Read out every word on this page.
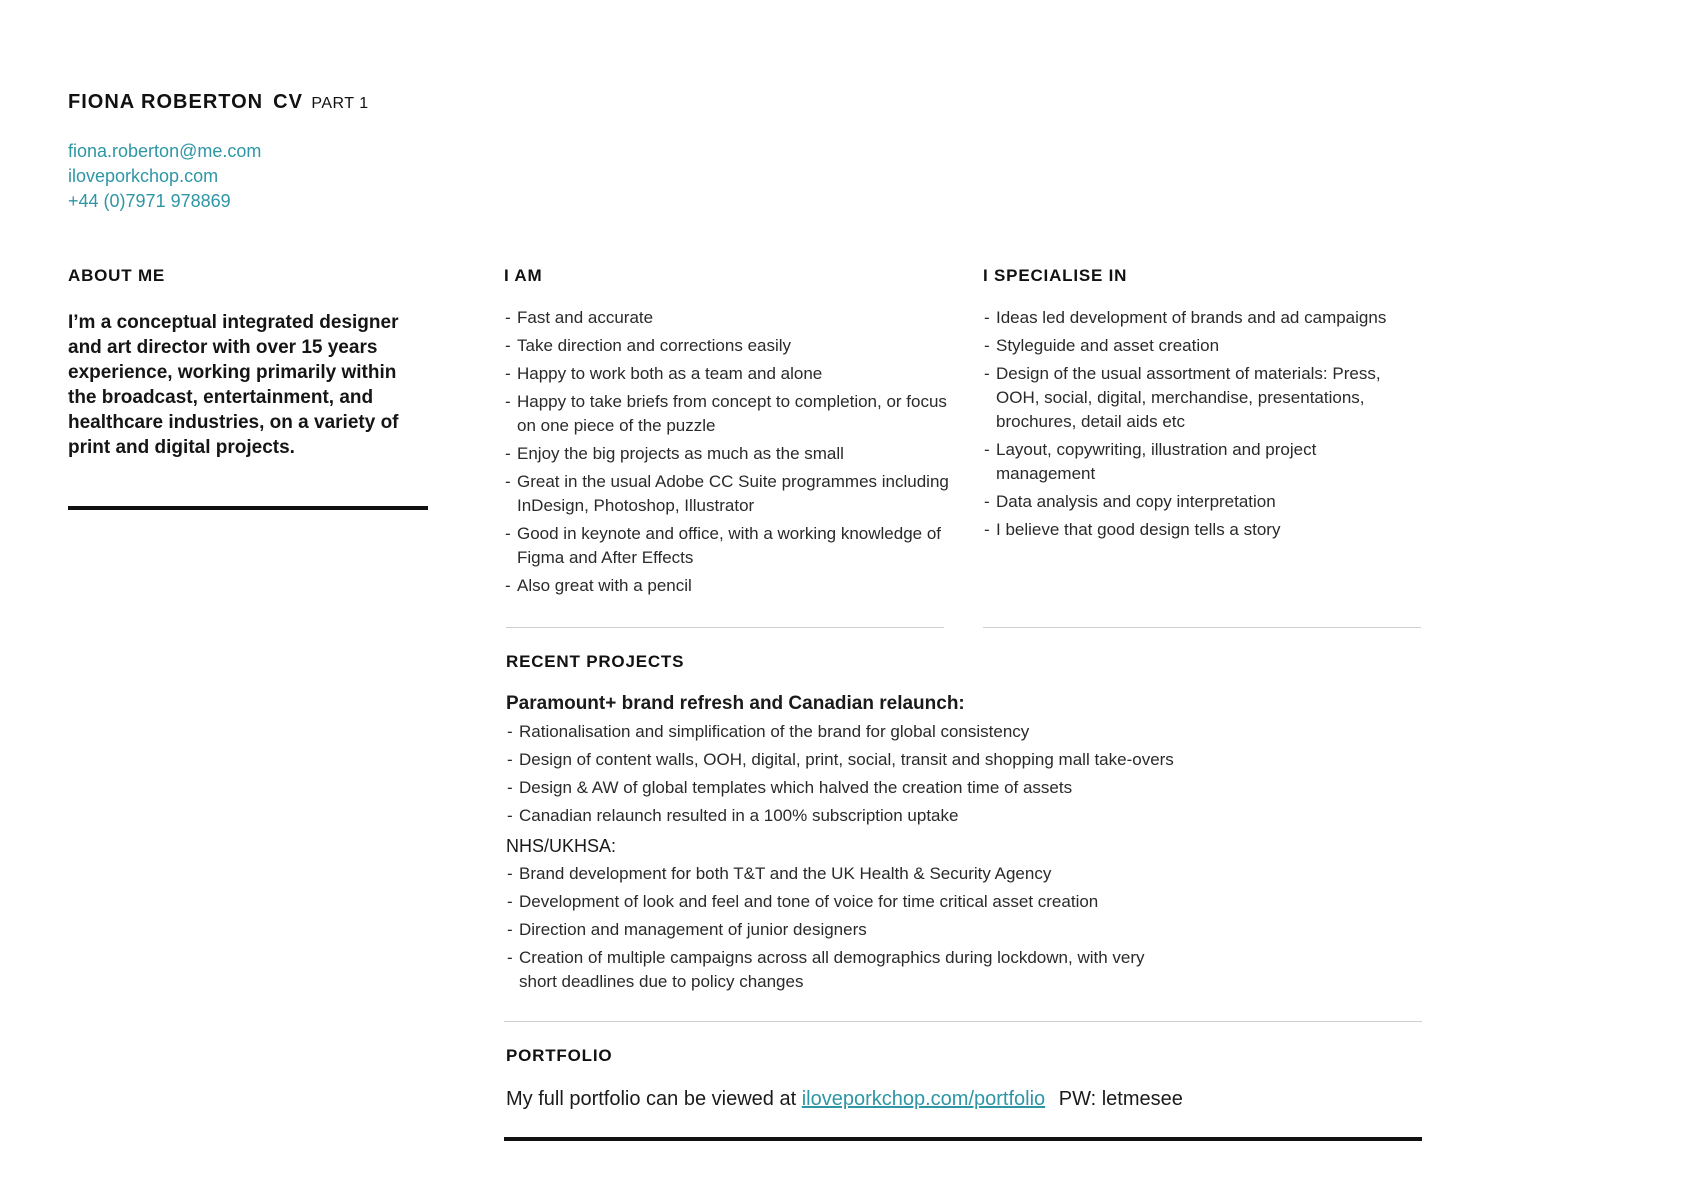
FIONA ROBERTON CV PART 1
fiona.roberton@me.com
iloveporkchop.com
+44 (0)7971 978869
ABOUT ME

I’m a conceptual integrated designer and art director with over 15 years experience, working primarily within the broadcast, entertainment, and healthcare industries, on a variety of print and digital projects.

I AM
- Fast and accurate
- Take direction and corrections easily
- Happy to work both as a team and alone
- Happy to take briefs from concept to completion, or focus on one piece of the puzzle
- Enjoy the big projects as much as the small
- Great in the usual Adobe CC Suite programmes including InDesign, Photoshop, Illustrator
- Good in keynote and office, with a working knowledge of Figma and After Effects
- Also great with a pencil
I SPECIALISE IN
- Ideas led development of brands and ad campaigns
- Styleguide and asset creation
- Design of the usual assortment of materials: Press, OOH, social, digital, merchandise, presentations, brochures, detail aids etc
- Layout, copywriting, illustration and project management
- Data analysis and copy interpretation
- I believe that good design tells a story
RECENT PROJECTS

Paramount+ brand refresh and Canadian relaunch:

- Rationalisation and simplification of the brand for global consistency
- Design of content walls, OOH, digital, print, social, transit and shopping mall take-overs
- Design & AW of global templates which halved the creation time of assets
- Canadian relaunch resulted in a 100% subscription uptake

NHS/UKHSA:

- Brand development for both T&T and the UK Health & Security Agency
- Development of look and feel and tone of voice for time critical asset creation
- Direction and management of junior designers
- Creation of multiple campaigns across all demographics during lockdown, with very short deadlines due to policy changes
PORTFOLIO

My full portfolio can be viewed at iloveporkchop.com/portfolio PW: letmesee
